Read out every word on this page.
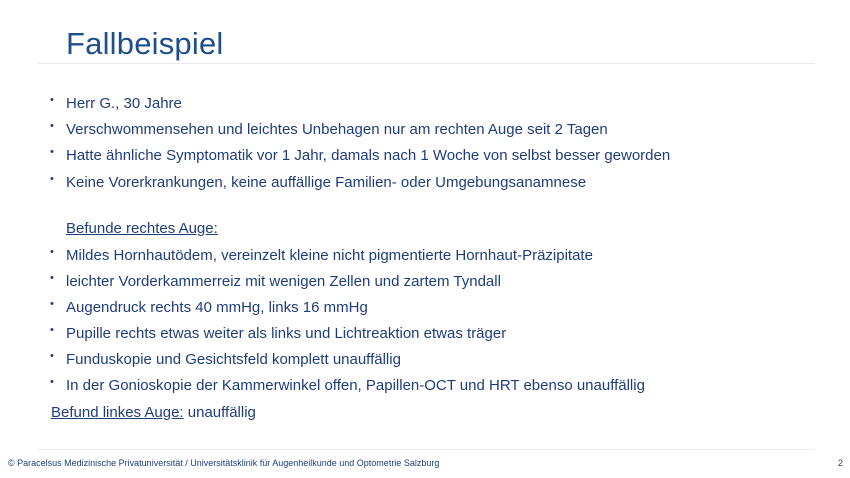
Fallbeispiel
• Herr G., 30 Jahre
• Verschwommensehen und leichtes Unbehagen nur am rechten Auge seit 2 Tagen
• Hatte ähnliche Symptomatik vor 1 Jahr, damals nach 1 Woche von selbst besser geworden
• Keine Vorerkrankungen, keine auffällige Familien- oder Umgebungsanamnese
Befunde rechtes Auge:
• Mildes Hornhautödem, vereinzelt kleine nicht pigmentierte Hornhaut-Präzipitate
• leichter Vorderkammerreiz mit wenigen Zellen und zartem Tyndall
• Augendruck rechts 40 mmHg, links 16 mmHg
• Pupille rechts etwas weiter als links und Lichtreaktion etwas träger
• Funduskopie und Gesichtsfeld komplett unauffällig
• In der Gonioskopie der Kammerwinkel offen, Papillen-OCT und HRT ebenso unauffällig
Befund linkes Auge: unauffällig
© Paracelsus Medizinische Privatuniversität / Universitätsklinik für Augenheilkunde und Optometrie Salzburg	2
